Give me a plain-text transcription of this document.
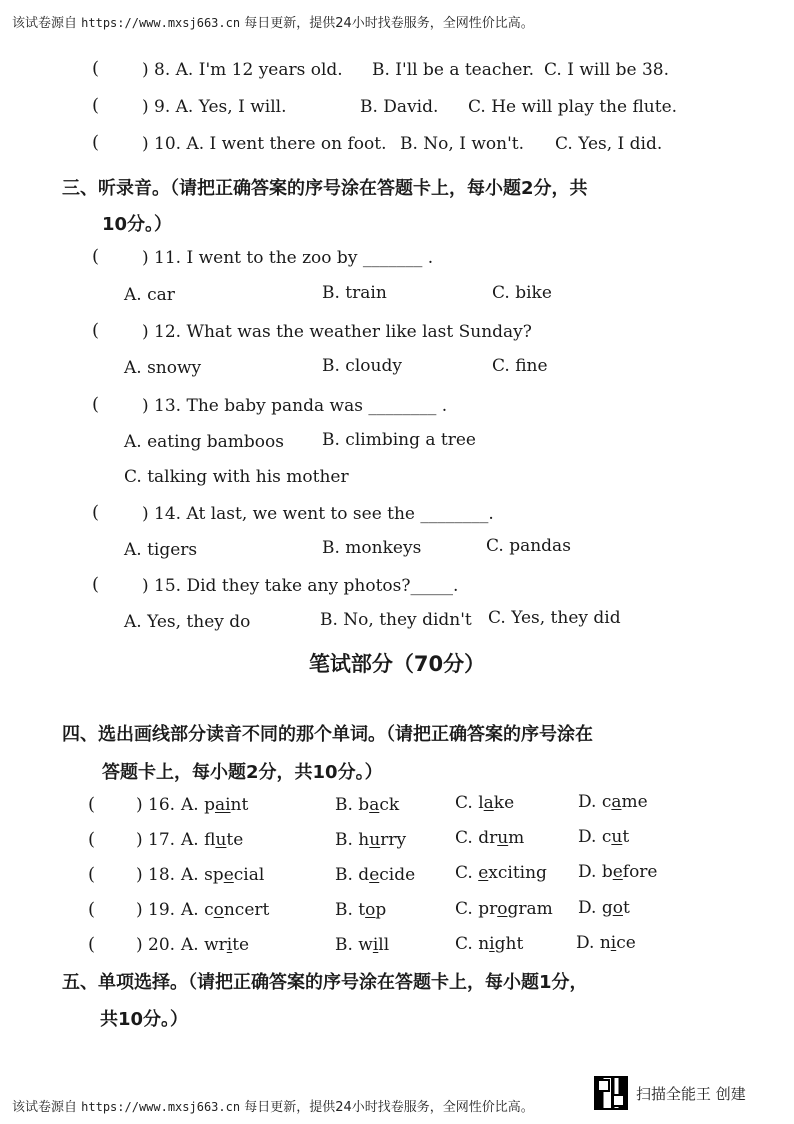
该试卷源自 https://www.mxsj663.cn 每日更新，提供24小时找卷服务，全网性价比高。
(	) 8. A. I'm 12 years old. B. I'll be a teacher. C. I will be 38.
(	) 9. A. Yes, I will.	B. David. C. He will play the flute.
(	) 10. A. I went there on foot. B. No, I won't. C. Yes, I did.
三、听录音。（请把正确答案的序号涂在答题卡上，每小题2分，共
10分。）
(	) 11. I went to the zoo by _______ .
A. car	B. train	C. bike
(	) 12. What was the weather like last Sunday?
A. snowy	B. cloudy	C. fine
(	) 13. The baby panda was ________ .
A. eating bamboos B. climbing a tree
C. talking with his mother
(	) 14. At last, we went to see the ________.
A. tigers	B. monkeys	C. pandas
(	) 15. Did they take any photos?_____.
A. Yes, they do	B. No, they didn't C. Yes, they did
笔试部分（70分）
四、选出画线部分读音不同的那个单词。（请把正确答案的序号涂在
答题卡上，每小题2分，共10分。）
( ) 16. A. paint	B. back	C. lake	D. came
( ) 17. A. flute	B. hurry	C. drum	D. cut
( ) 18. A. special	B. decide C. exciting D. before
( ) 19. A. concert	B. top	C. program D. got
( ) 20. A. write	B. will	C. night	D. nice
五、单项选择。（请把正确答案的序号涂在答题卡上，每小题1分，
共10分。）
该试卷源自 https://www.mxsj663.cn 每日更新，提供24小时找卷服务，全网性价比高。
扫描全能王 创建
